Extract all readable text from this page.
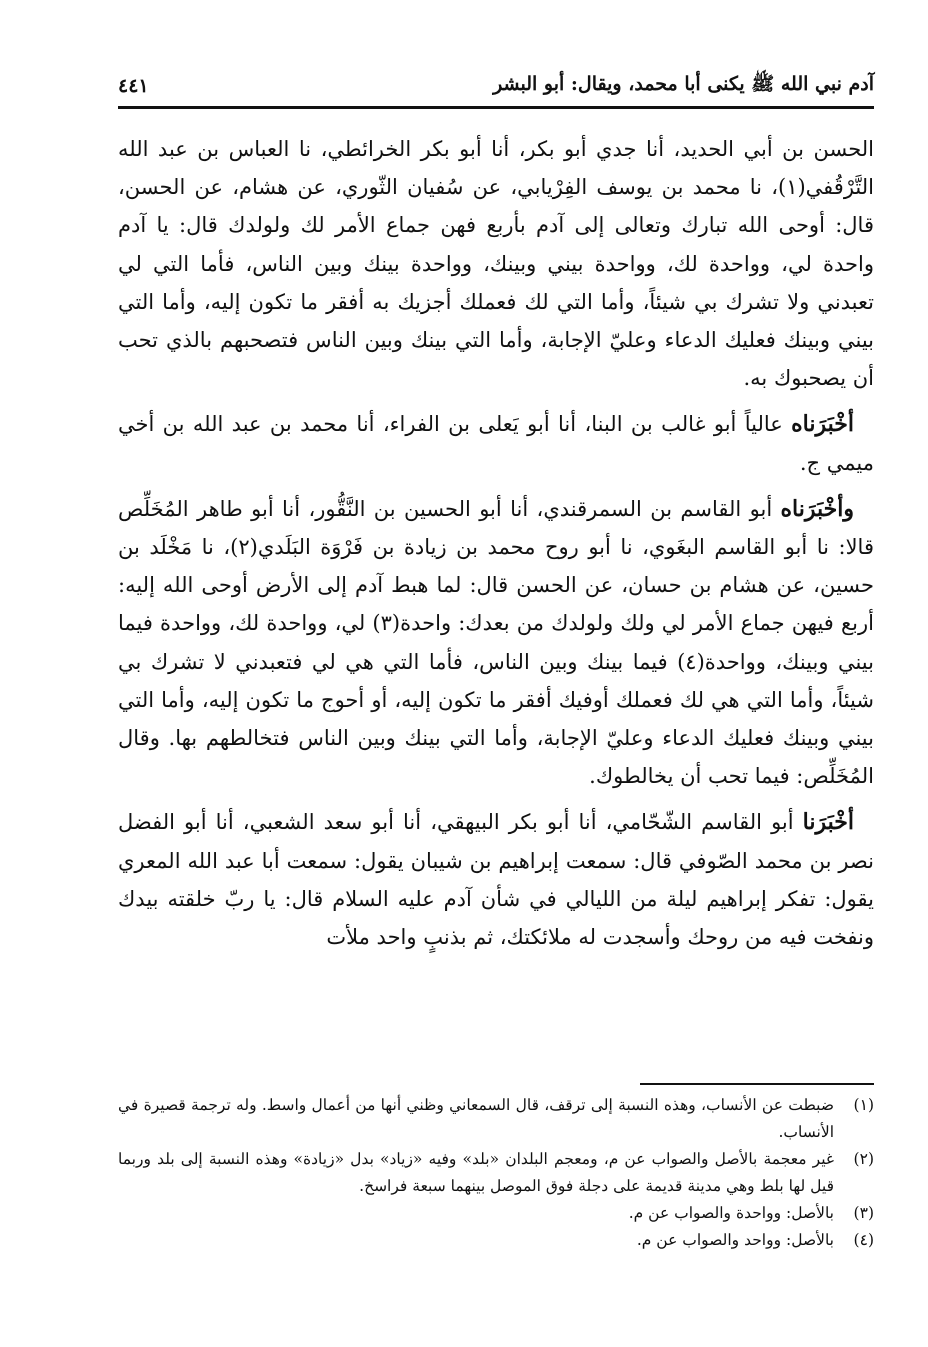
آدم نبي الله ﷺ يكنى أبا محمد، ويقال: أبو البشر
٤٤١

الحسن بن أبي الحديد، أنا جدي أبو بكر، أنا أبو بكر الخرائطي، نا العباس بن عبد الله التَّرْقُفي(١)، نا محمد بن يوسف الفِرْيابي، عن سُفيان الثّوري، عن هشام، عن الحسن، قال: أوحى الله تبارك وتعالى إلى آدم بأربع فهن جماع الأمر لك ولولدك قال: يا آدم واحدة لي، وواحدة لك، وواحدة بيني وبينك، وواحدة بينك وبين الناس، فأما التي لي تعبدني ولا تشرك بي شيئاً، وأما التي لك فعملك أجزيك به أفقر ما تكون إليه، وأما التي بيني وبينك فعليك الدعاء وعليّ الإجابة، وأما التي بينك وبين الناس فتصحبهم بالذي تحب أن يصحبوك به.

أخْبَرَناه عالياً أبو غالب بن البنا، أنا أبو يَعلى بن الفراء، أنا محمد بن عبد الله بن أخي ميمي ج.

وأخْبَرَناه أبو القاسم بن السمرقندي، أنا أبو الحسين بن النَّقُّور، أنا أبو طاهر المُخَلِّص قالا: نا أبو القاسم البغَوي، نا أبو روح محمد بن زيادة بن فَرْوَة البَلَدي(٢)، نا مَخْلَد بن حسين، عن هشام بن حسان، عن الحسن قال: لما هبط آدم إلى الأرض أوحى الله إليه: أربع فيهن جماع الأمر لي ولك ولولدك من بعدك: واحدة(٣) لي، وواحدة لك، وواحدة فيما بيني وبينك، وواحدة(٤) فيما بينك وبين الناس، فأما التي هي لي فتعبدني لا تشرك بي شيئاً، وأما التي هي لك فعملك أوفيك أفقر ما تكون إليه، أو أحوج ما تكون إليه، وأما التي بيني وبينك فعليك الدعاء وعليّ الإجابة، وأما التي بينك وبين الناس فتخالطهم بها. وقال المُخَلِّص: فيما تحب أن يخالطوك.

أخْبَرَنا أبو القاسم الشّحّامي، أنا أبو بكر البيهقي، أنا أبو سعد الشعبي، أنا أبو الفضل نصر بن محمد الصّوفي قال: سمعت إبراهيم بن شيبان يقول: سمعت أبا عبد الله المعري يقول: تفكر إبراهيم ليلة من الليالي في شأن آدم عليه السلام قال: يا ربّ خلقته بيدك ونفخت فيه من روحك وأسجدت له ملائكتك، ثم بذنبٍ واحد ملأت

(١)
ضبطت عن الأنساب، وهذه النسبة إلى ترقف، قال السمعاني وظني أنها من أعمال واسط. وله ترجمة قصيرة في الأنساب.
(٢)
غير معجمة بالأصل والصواب عن م، ومعجم البلدان «بلد» وفيه «زياد» بدل «زيادة» وهذه النسبة إلى بلد وربما قيل لها بلط وهي مدينة قديمة على دجلة فوق الموصل بينهما سبعة فراسخ.
(٣)
بالأصل: وواحدة والصواب عن م.
(٤)
بالأصل: وواحد والصواب عن م.
